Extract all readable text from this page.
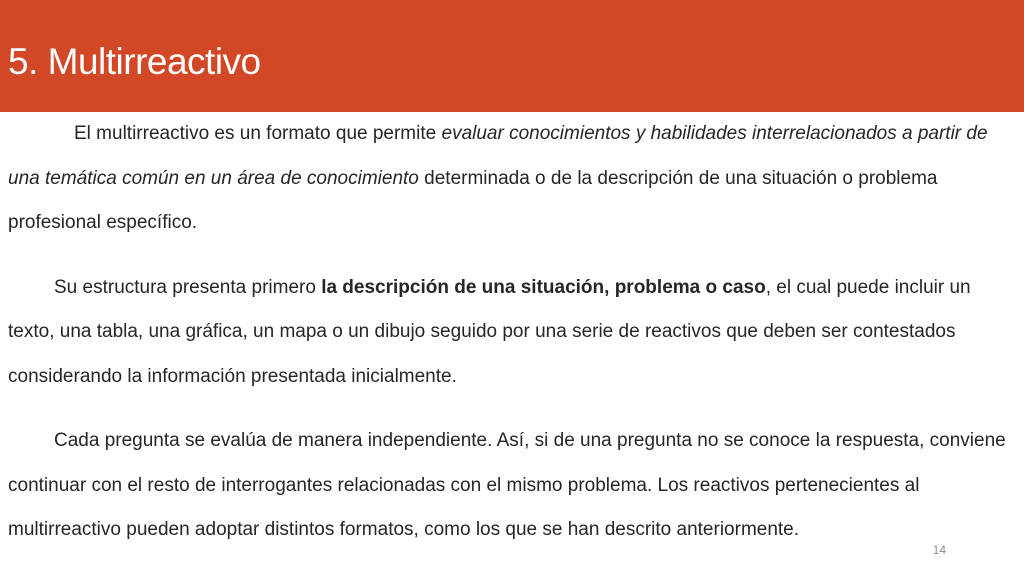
5. Multirreactivo

El multirreactivo es un formato que permite evaluar conocimientos y habilidades interrelacionados a partir de una temática común en un área de conocimiento determinada o de la descripción de una situación o problema profesional específico.

Su estructura presenta primero la descripción de una situación, problema o caso, el cual puede incluir un texto, una tabla, una gráfica, un mapa o un dibujo seguido por una serie de reactivos que deben ser contestados considerando la información presentada inicialmente.

Cada pregunta se evalúa de manera independiente. Así, si de una pregunta no se conoce la respuesta, conviene continuar con el resto de interrogantes relacionadas con el mismo problema. Los reactivos pertenecientes al multirreactivo pueden adoptar distintos formatos, como los que se han descrito anteriormente.

14
